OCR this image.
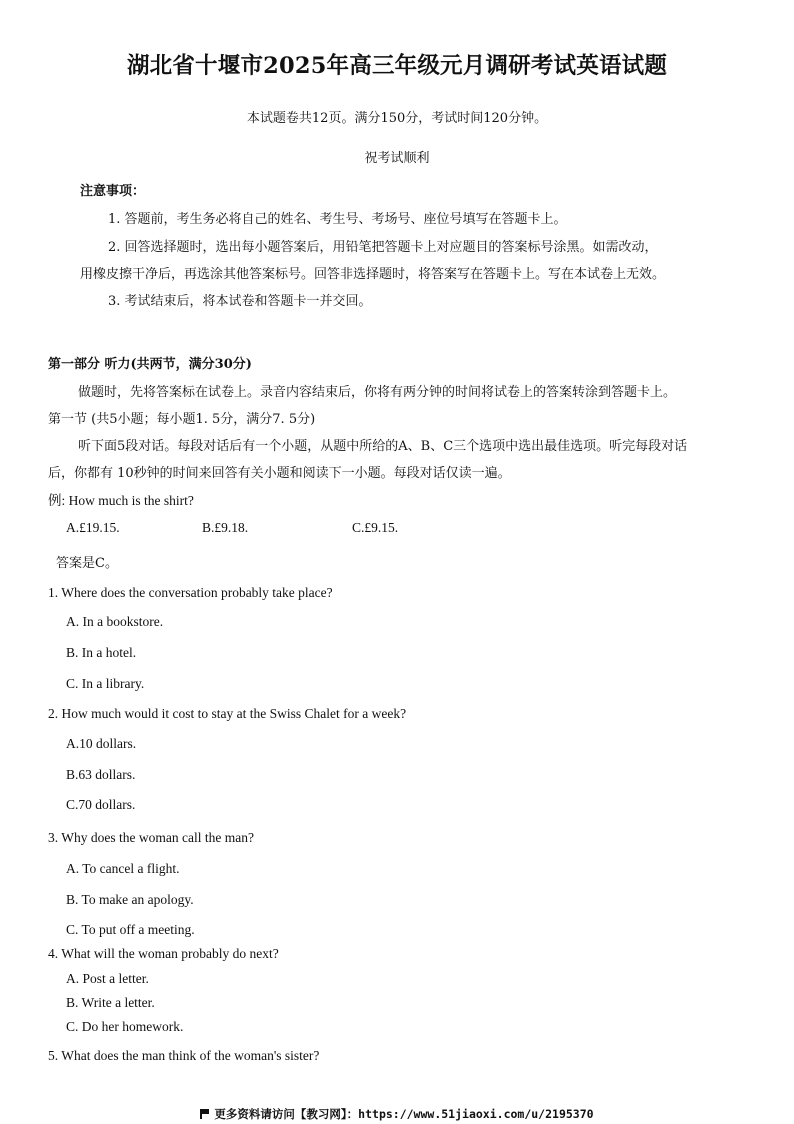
湖北省十堰市2025年高三年级元月调研考试英语试题
本试题卷共12页。满分150分，考试时间120分钟。
祝考试顺利
注意事项：
1. 答题前，考生务必将自己的姓名、考生号、考场号、座位号填写在答题卡上。
2. 回答选择题时，选出每小题答案后，用铅笔把答题卡上对应题目的答案标号涂黑。如需改动，
用橡皮擦干净后，再选涂其他答案标号。回答非选择题时，将答案写在答题卡上。写在本试卷上无效。
3. 考试结束后，将本试卷和答题卡一并交回。
第一部分 听力(共两节，满分30分)
做题时，先将答案标在试卷上。录音内容结束后，你将有两分钟的时间将试卷上的答案转涂到答题卡上。
第一节 (共5小题；每小题1. 5分，满分7. 5分)
听下面5段对话。每段对话后有一个小题，从题中所给的A、B、C三个选项中选出最佳选项。听完每段对话
后，你都有 10秒钟的时间来回答有关小题和阅读下一小题。每段对话仅读一遍。
例: How much is the shirt?
A.£19.15.	B.£9.18.	C.£9.15.
答案是C。
1. Where does the conversation probably take place?
A. In a bookstore.
B. In a hotel.
C. In a library.
2. How much would it cost to stay at the Swiss Chalet for a week?
A.10 dollars.
B.63 dollars.
C.70 dollars.
3. Why does the woman call the man?
A. To cancel a flight.
B. To make an apology.
C. To put off a meeting.
4. What will the woman probably do next?
A. Post a letter.
B. Write a letter.
C. Do her homework.
5. What does the man think of the woman's sister?
更多资料请访问【教习网】：https://www.51jiaoxi.com/u/2195370
